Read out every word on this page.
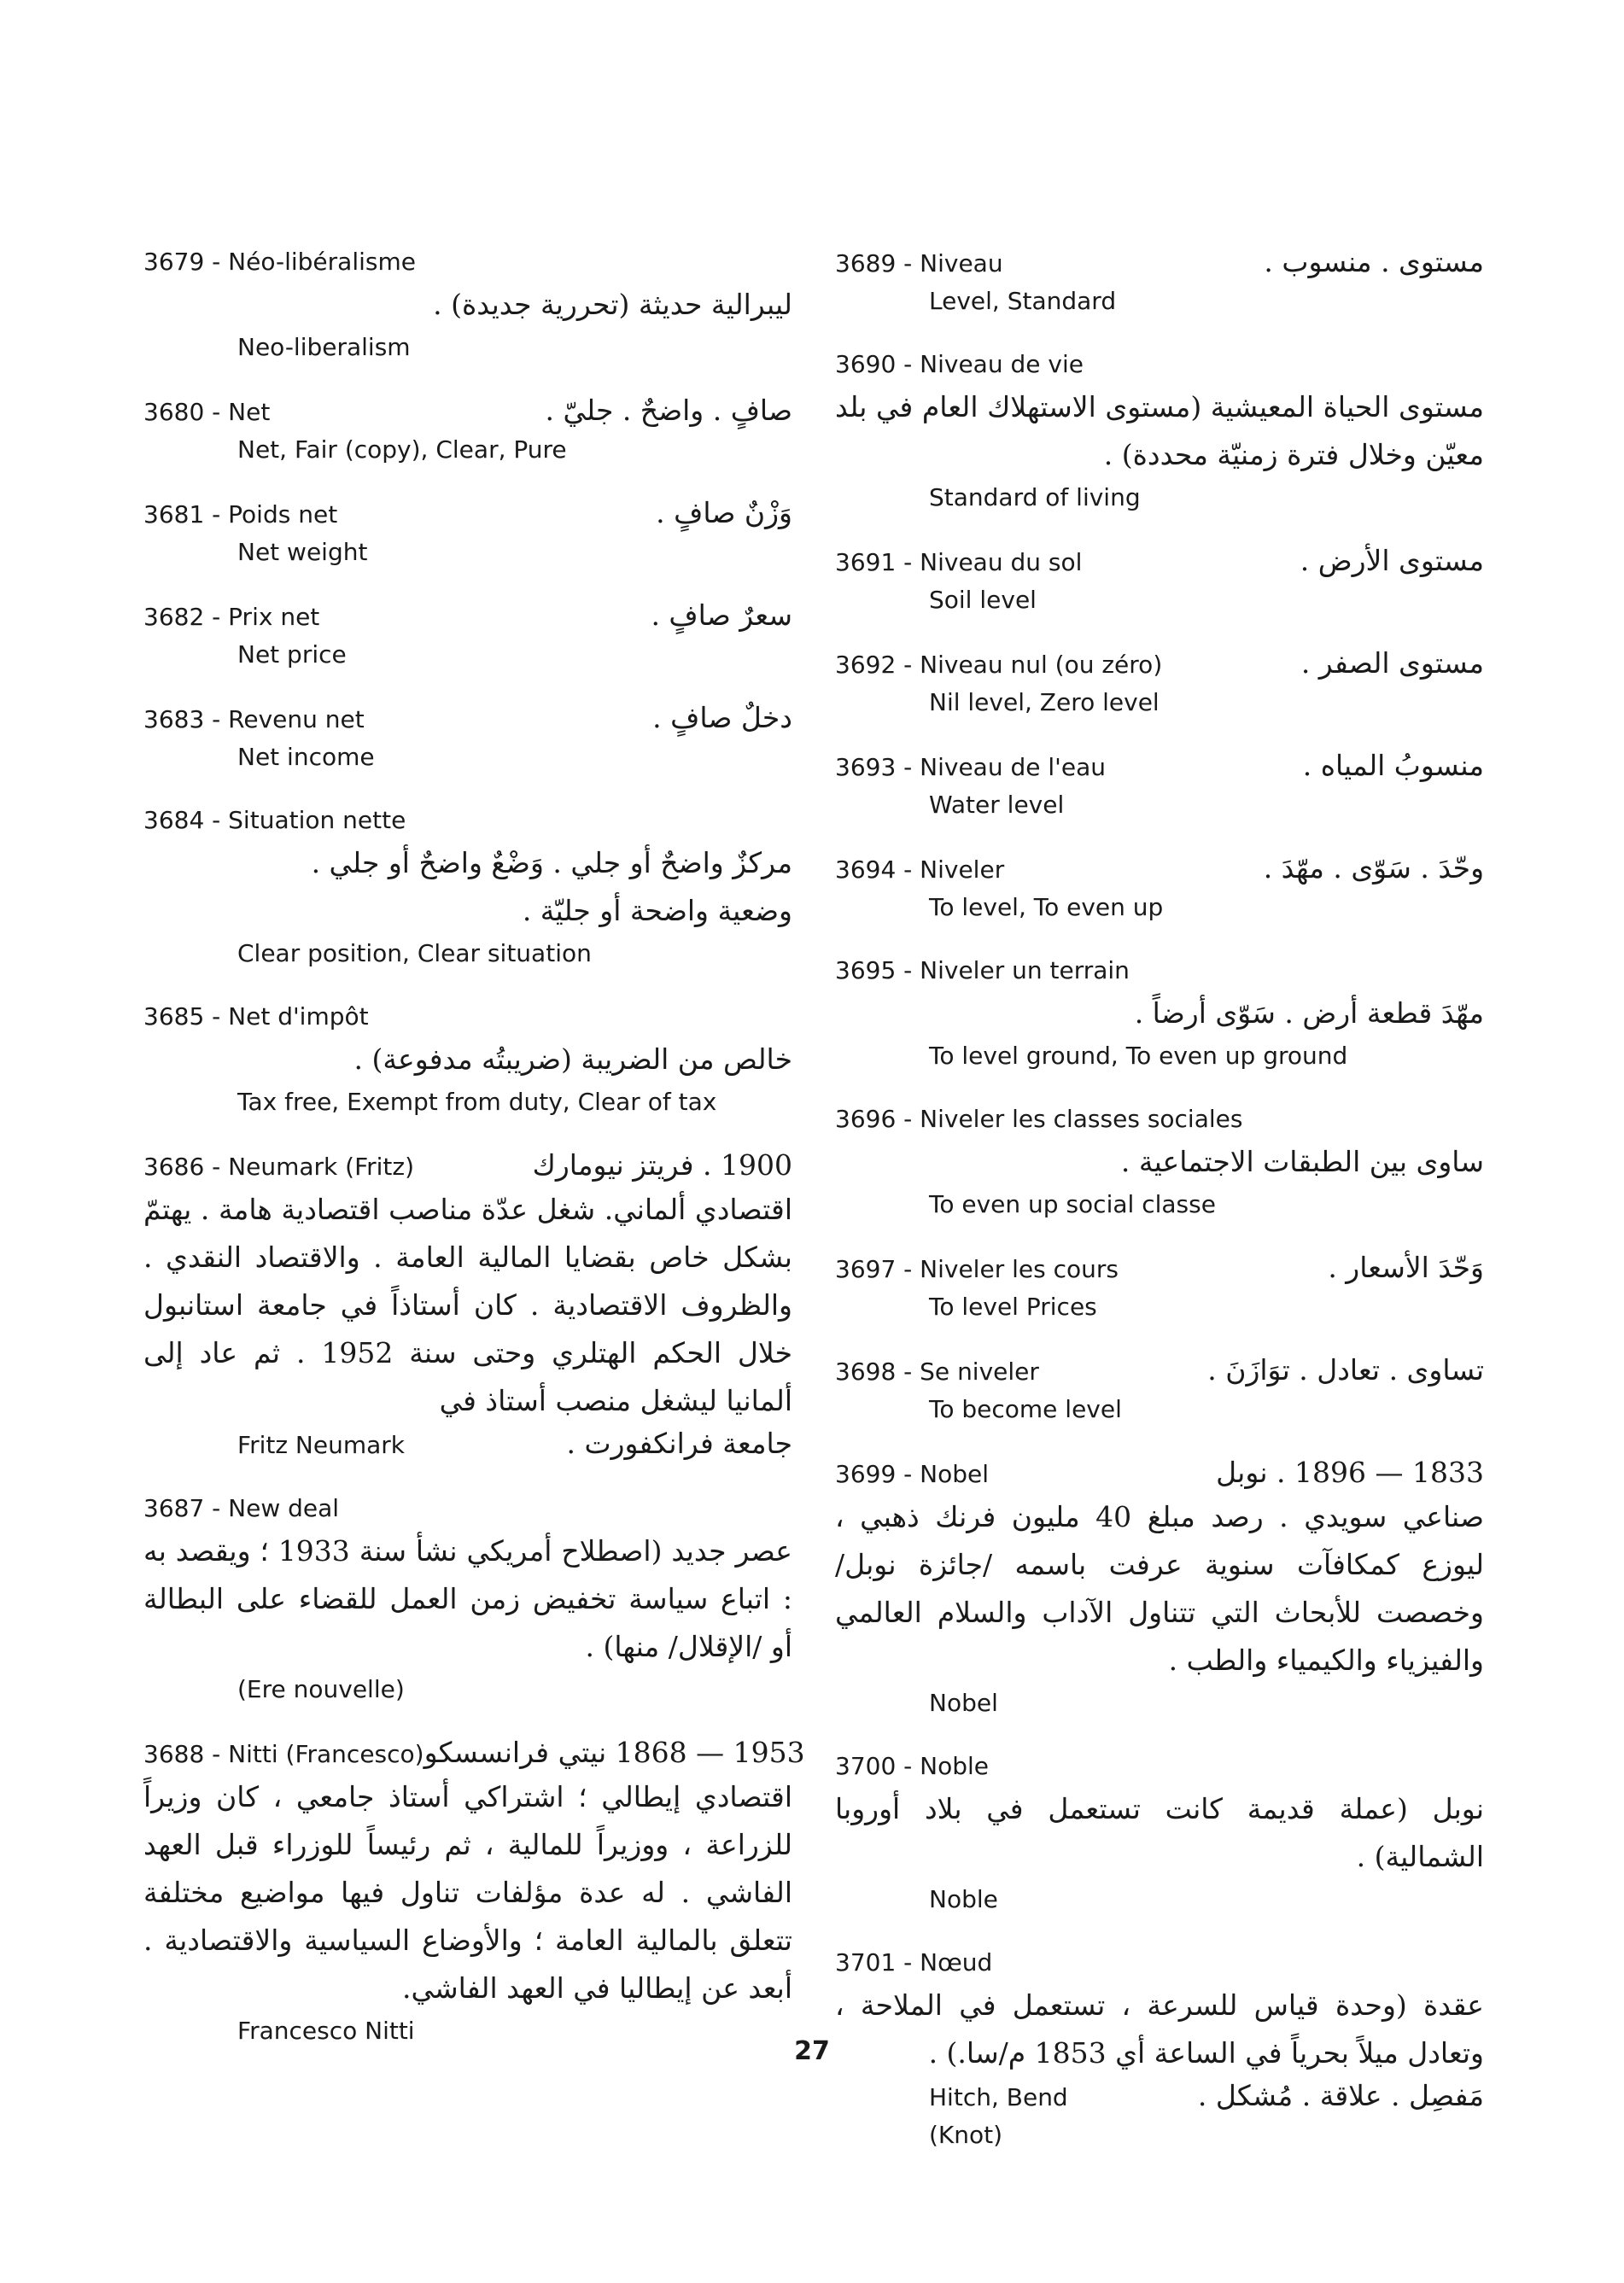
3679 - Néo-libéralisme
ليبرالية حديثة (تحررية جديدة) .
Neo-liberalism
3680 - Net	صافٍ . واضحٌ . جليّ .
Net, Fair (copy), Clear, Pure
3681 - Poids net	وَزْنٌ صافٍ .
Net weight
3682 - Prix net	سعرٌ صافٍ .
Net price
3683 - Revenu net	دخلٌ صافٍ .
Net income
3684 - Situation nette
مركزٌ واضحٌ أو جلي . وَضْعٌ واضحٌ أو جلي .
وضعية واضحة أو جليّة .
Clear position, Clear situation
3685 - Net d'impôt
خالص من الضريبة (ضريبتُه مدفوعة) .
Tax free, Exempt from duty, Clear of tax
3686 - Neumark (Fritz)	1900 . فريتز نيومارك
اقتصادي ألماني. شغل عدّة مناصب اقتصادية هامة . يهتمّ بشكل خاص بقضايا المالية العامة . والاقتصاد النقدي . والظروف الاقتصادية . كان أستاذاً في جامعة استانبول خلال الحكم الهتلري وحتى سنة 1952 . ثم عاد إلى ألمانيا ليشغل منصب أستاذ في
Fritz Neumark	جامعة فرانكفورت .
3687 - New deal
عصر جديد (اصطلاح أمريكي نشأ سنة 1933 ؛ ويقصد به : اتباع سياسة تخفيض زمن العمل للقضاء على البطالة أو /الإقلال/ منها) .
(Ere nouvelle)
3688 - Nitti (Francesco) 1953 — 1868 نيتي فرانسسكو
اقتصادي إيطالي ؛ اشتراكي أستاذ جامعي ، كان وزيراً للزراعة ، ووزيراً للمالية ، ثم رئيساً للوزراء قبل العهد الفاشي . له عدة مؤلفات تناول فيها مواضيع مختلفة تتعلق بالمالية العامة ؛ والأوضاع السياسية والاقتصادية . أبعد عن إيطاليا في العهد الفاشي.
Francesco Nitti
3689 - Niveau	مستوى . منسوب .
Level, Standard
3690 - Niveau de vie
مستوى الحياة المعيشية (مستوى الاستهلاك العام في بلد معيّن وخلال فترة زمنيّة محددة) .
Standard of living
3691 - Niveau du sol	مستوى الأرض .
Soil level
3692 - Niveau nul (ou zéro)	مستوى الصفر .
Nil level, Zero level
3693 - Niveau de l'eau	منسوبُ المياه .
Water level
3694 - Niveler	وحّدَ . سَوّى . مهّدَ .
To level, To even up
3695 - Niveler un terrain
مهّدَ قطعة أرض . سَوّى أرضاً .
To level ground, To even up ground
3696 - Niveler les classes sociales
ساوى بين الطبقات الاجتماعية .
To even up social classe
3697 - Niveler les cours	وَحّدَ الأسعار .
To level Prices
3698 - Se niveler	تساوى . تعادل . توَازَنَ .
To become level
3699 - Nobel	1833 — 1896 . نوبل
صناعي سويدي . رصد مبلغ 40 مليون فرنك ذهبي ، ليوزع كمكافآت سنوية عرفت باسمه /جائزة نوبل/ وخصصت للأبحاث التي تتناول الآداب والسلام العالمي والفيزياء والكيمياء والطب .
Nobel
3700 - Noble
نوبل (عملة قديمة كانت تستعمل في بلاد أوروبا الشمالية) .
Noble
3701 - Nœud
عقدة (وحدة قياس للسرعة ، تستعمل في الملاحة ، وتعادل ميلاً بحرياً في الساعة أي 1853 م/سا.) .
Hitch, Bend	مَفصِل . علاقة . مُشكل .
(Knot)
27
